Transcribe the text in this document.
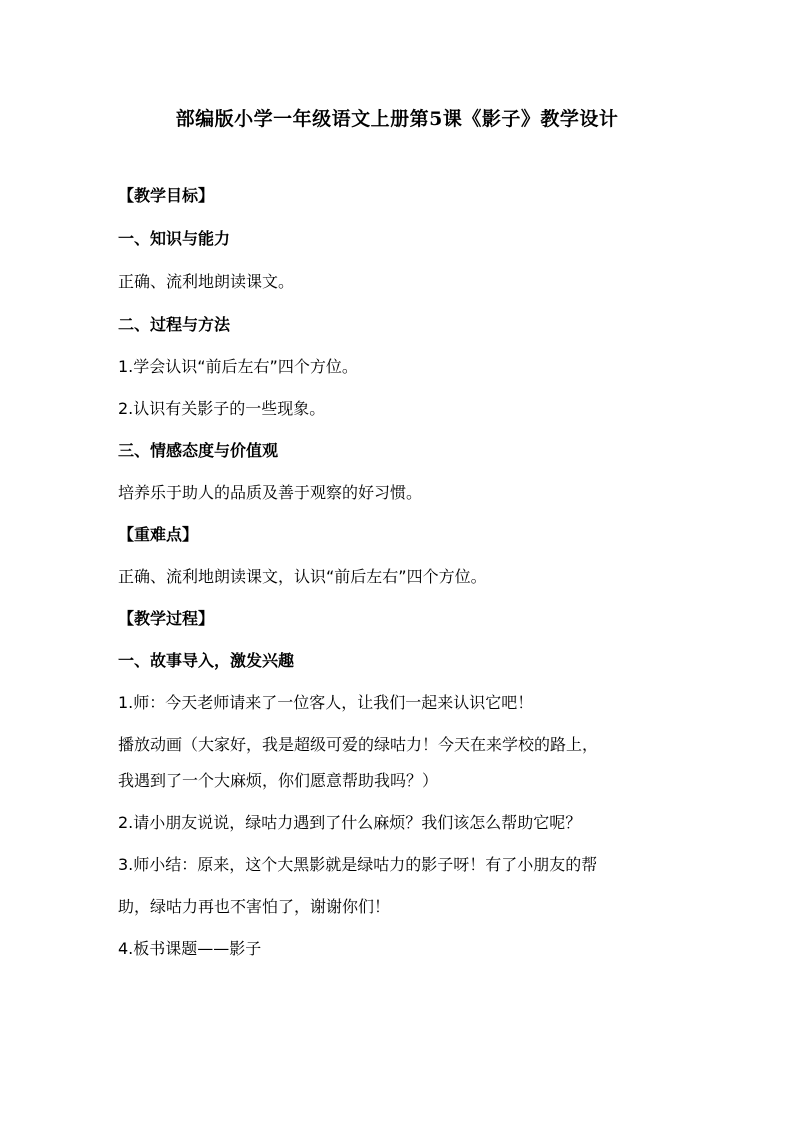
部编版小学一年级语文上册第5课《影子》教学设计
【教学目标】
一、知识与能力
正确、流利地朗读课文。
二、过程与方法
1.学会认识“前后左右”四个方位。
2.认识有关影子的一些现象。
三、情感态度与价值观
培养乐于助人的品质及善于观察的好习惯。
【重难点】
正确、流利地朗读课文，认识“前后左右”四个方位。
【教学过程】
一、故事导入，激发兴趣
1.师：今天老师请来了一位客人，让我们一起来认识它吧！
播放动画（大家好，我是超级可爱的绿咕力！今天在来学校的路上，
我遇到了一个大麻烦，你们愿意帮助我吗？）
2.请小朋友说说，绿咕力遇到了什么麻烦？我们该怎么帮助它呢？
3.师小结：原来，这个大黑影就是绿咕力的影子呀！有了小朋友的帮
助，绿咕力再也不害怕了，谢谢你们！
4.板书课题——影子
